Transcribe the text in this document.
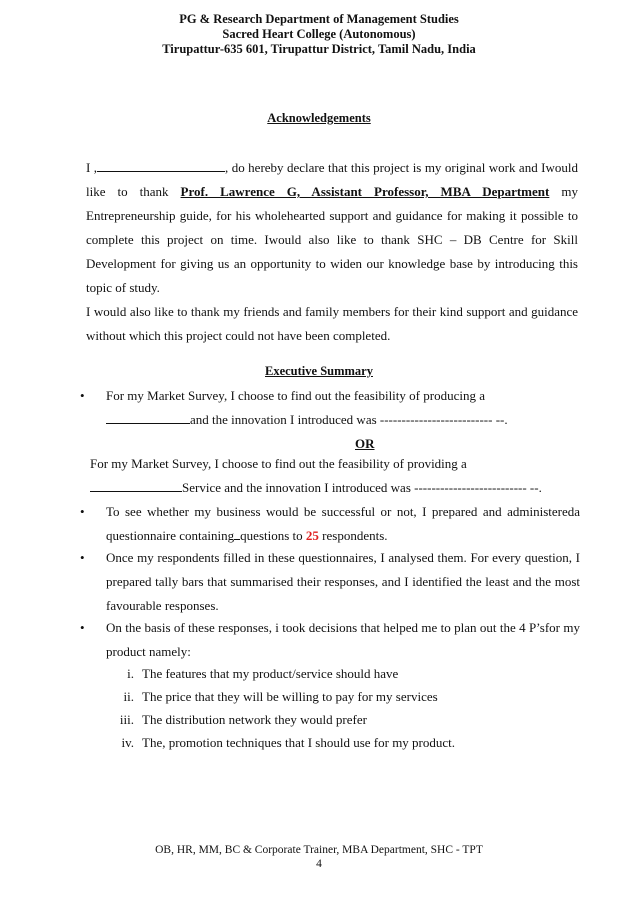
PG & Research Department of Management Studies
Sacred Heart College (Autonomous)
Tirupattur-635 601, Tirupattur District, Tamil Nadu, India
Acknowledgements

I ,	, do hereby declare that this project is my original work and Iwould like to thank Prof. Lawrence G, Assistant Professor, MBA Department my Entrepreneurship guide, for his wholehearted support and guidance for making it possible to complete this project on time. Iwould also like to thank SHC – DB Centre for Skill Development for giving us an opportunity to widen our knowledge base by introducing this topic of study.

I would also like to thank my friends and family members for their kind support and guidance without which this project could not have been completed.

Executive Summary
•	For my Market Survey, I choose to find out the feasibility of producing a
and the innovation I introduced was -------------------------- --.
OR
For my Market Survey, I choose to find out the feasibility of providing a
Service and the innovation I introduced was -------------------------- --.
•	To see whether my business would be successful or not, I prepared and administereda questionnaire containing questions to 25 respondents.
•	Once my respondents filled in these questionnaires, I analysed them. For every question, I prepared tally bars that summarised their responses, and I identified the least and the most favourable responses.
•	On the basis of these responses, i took decisions that helped me to plan out the 4 P’sfor my product namely:
i. The features that my product/service should have
ii. The price that they will be willing to pay for my services
iii. The distribution network they would prefer
iv. The, promotion techniques that I should use for my product.
OB, HR, MM, BC & Corporate Trainer, MBA Department, SHC - TPT
4
